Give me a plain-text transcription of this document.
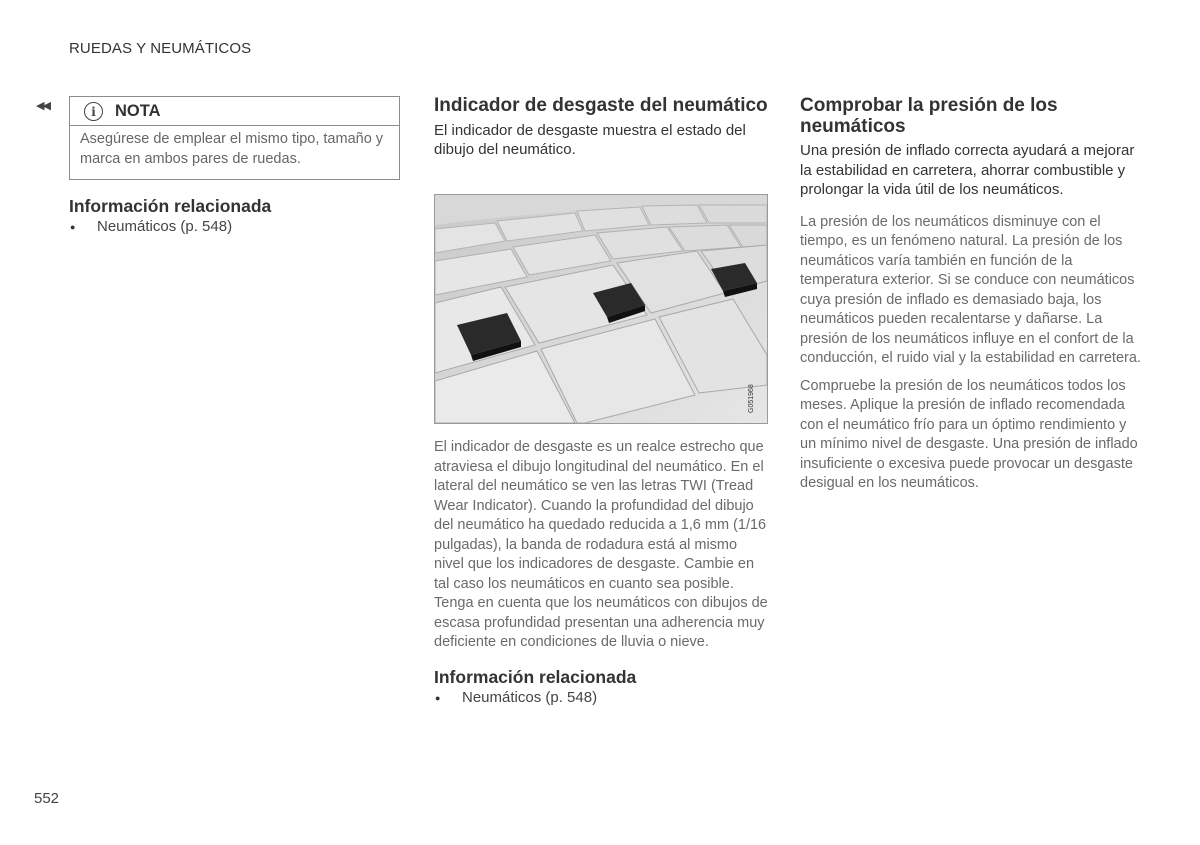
RUEDAS Y NEUMÁTICOS
◀◀	i	NOTA
Asegúrese de emplear el mismo tipo, tamaño y marca en ambos pares de ruedas.
Información relacionada
● Neumáticos (p. 548)
Indicador de desgaste del neumático

El indicador de desgaste muestra el estado del dibujo del neumático.

G051968

El indicador de desgaste es un realce estrecho que atraviesa el dibujo longitudinal del neumático. En el lateral del neumático se ven las letras TWI (Tread Wear Indicator). Cuando la profundidad del dibujo del neumático ha quedado reducida a 1,6 mm (1/16 pulgadas), la banda de rodadura está al mismo nivel que los indicadores de desgaste. Cambie en tal caso los neumáticos en cuanto sea posible. Tenga en cuenta que los neumáticos con dibujos de escasa profundidad presentan una adherencia muy deficiente en condiciones de lluvia o nieve.

Información relacionada
● Neumáticos (p. 548)
Comprobar la presión de los neumáticos

Una presión de inflado correcta ayudará a mejorar la estabilidad en carretera, ahorrar combustible y prolongar la vida útil de los neumáticos.

La presión de los neumáticos disminuye con el tiempo, es un fenómeno natural. La presión de los neumáticos varía también en función de la temperatura exterior. Si se conduce con neumáticos cuya presión de inflado es demasiado baja, los neumáticos pueden recalentarse y dañarse. La presión de los neumáticos influye en el confort de la conducción, el ruido vial y la estabilidad en carretera.

Compruebe la presión de los neumáticos todos los meses. Aplique la presión de inflado recomendada con el neumático frío para un óptimo rendimiento y un mínimo nivel de desgaste. Una presión de inflado insuficiente o excesiva puede provocar un desgaste desigual en los neumáticos.

552
